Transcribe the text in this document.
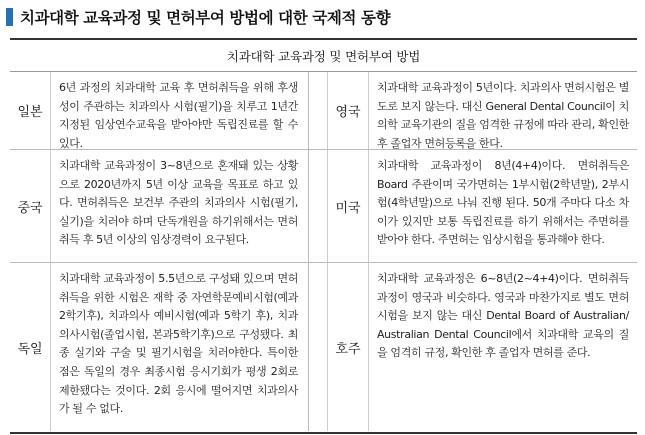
치과대학 교육과정 및 면허부여 방법에 대한 국제적 동향
치과대학 교육과정 및 면허부여 방법
일본
6년 과정의 치과대학 교육 후 면허취득을 위해 후생성이 주관하는 치과의사 시험(필기)을 치루고 1년간 지정된 임상연수교육을 받아야만 독립진료를 할 수 있다.
영국
치과대학 교육과정이 5년이다. 치과의사 면허시험은 별도로 보지 않는다. 대신 General Dental Council이 치의학 교육기관의 질을 엄격한 규정에 따라 관리, 확인한 후 졸업자 면허등록을 한다.
중국
치과대학 교육과정이 3~8년으로 혼재돼 있는 상황으로 2020년까지 5년 이상 교육을 목표로 하고 있다. 면허취득은 보건부 주관의 치과의사 시험(필기, 실기)을 치러야 하며 단독개원을 하기위해서는 면허취득 후 5년 이상의 임상경력이 요구된다.
미국
치과대학 교육과정이 8년(4+4)이다. 면허취득은 Board 주관이며 국가면허는 1부시험(2학년말), 2부시험(4학년말)으로 나눠 진행 된다. 50개 주마다 다소 차이가 있지만 보통 독립진료를 하기 위해서는 주면허를 받아야 한다. 주면허는 임상시험을 통과해야 한다.
독일
치과대학 교육과정이 5.5년으로 구성돼 있으며 면허취득을 위한 시험은 재학 중 자연학문예비시험(예과 2학기후), 치과의사 예비시험(예과 5학기 후), 치과의사시험(졸업시험, 본과5학기후)으로 구성됐다. 최종 실기와 구술 및 필기시험을 치러야한다. 특이한 점은 독일의 경우 최종시험 응시기회가 평생 2회로 제한됐다는 것이다. 2회 응시에 떨어지면 치과의사가 될 수 없다.
호주
치과대학 교육과정은 6~8년(2~4+4)이다. 면허취득 과정이 영국과 비슷하다. 영국과 마찬가지로 별도 면허시험을 보지 않는 대신 Dental Board of Australian/ Australian Dental Council에서 치과대학 교육의 질을 엄격히 규정, 확인한 후 졸업자 면허를 준다.
